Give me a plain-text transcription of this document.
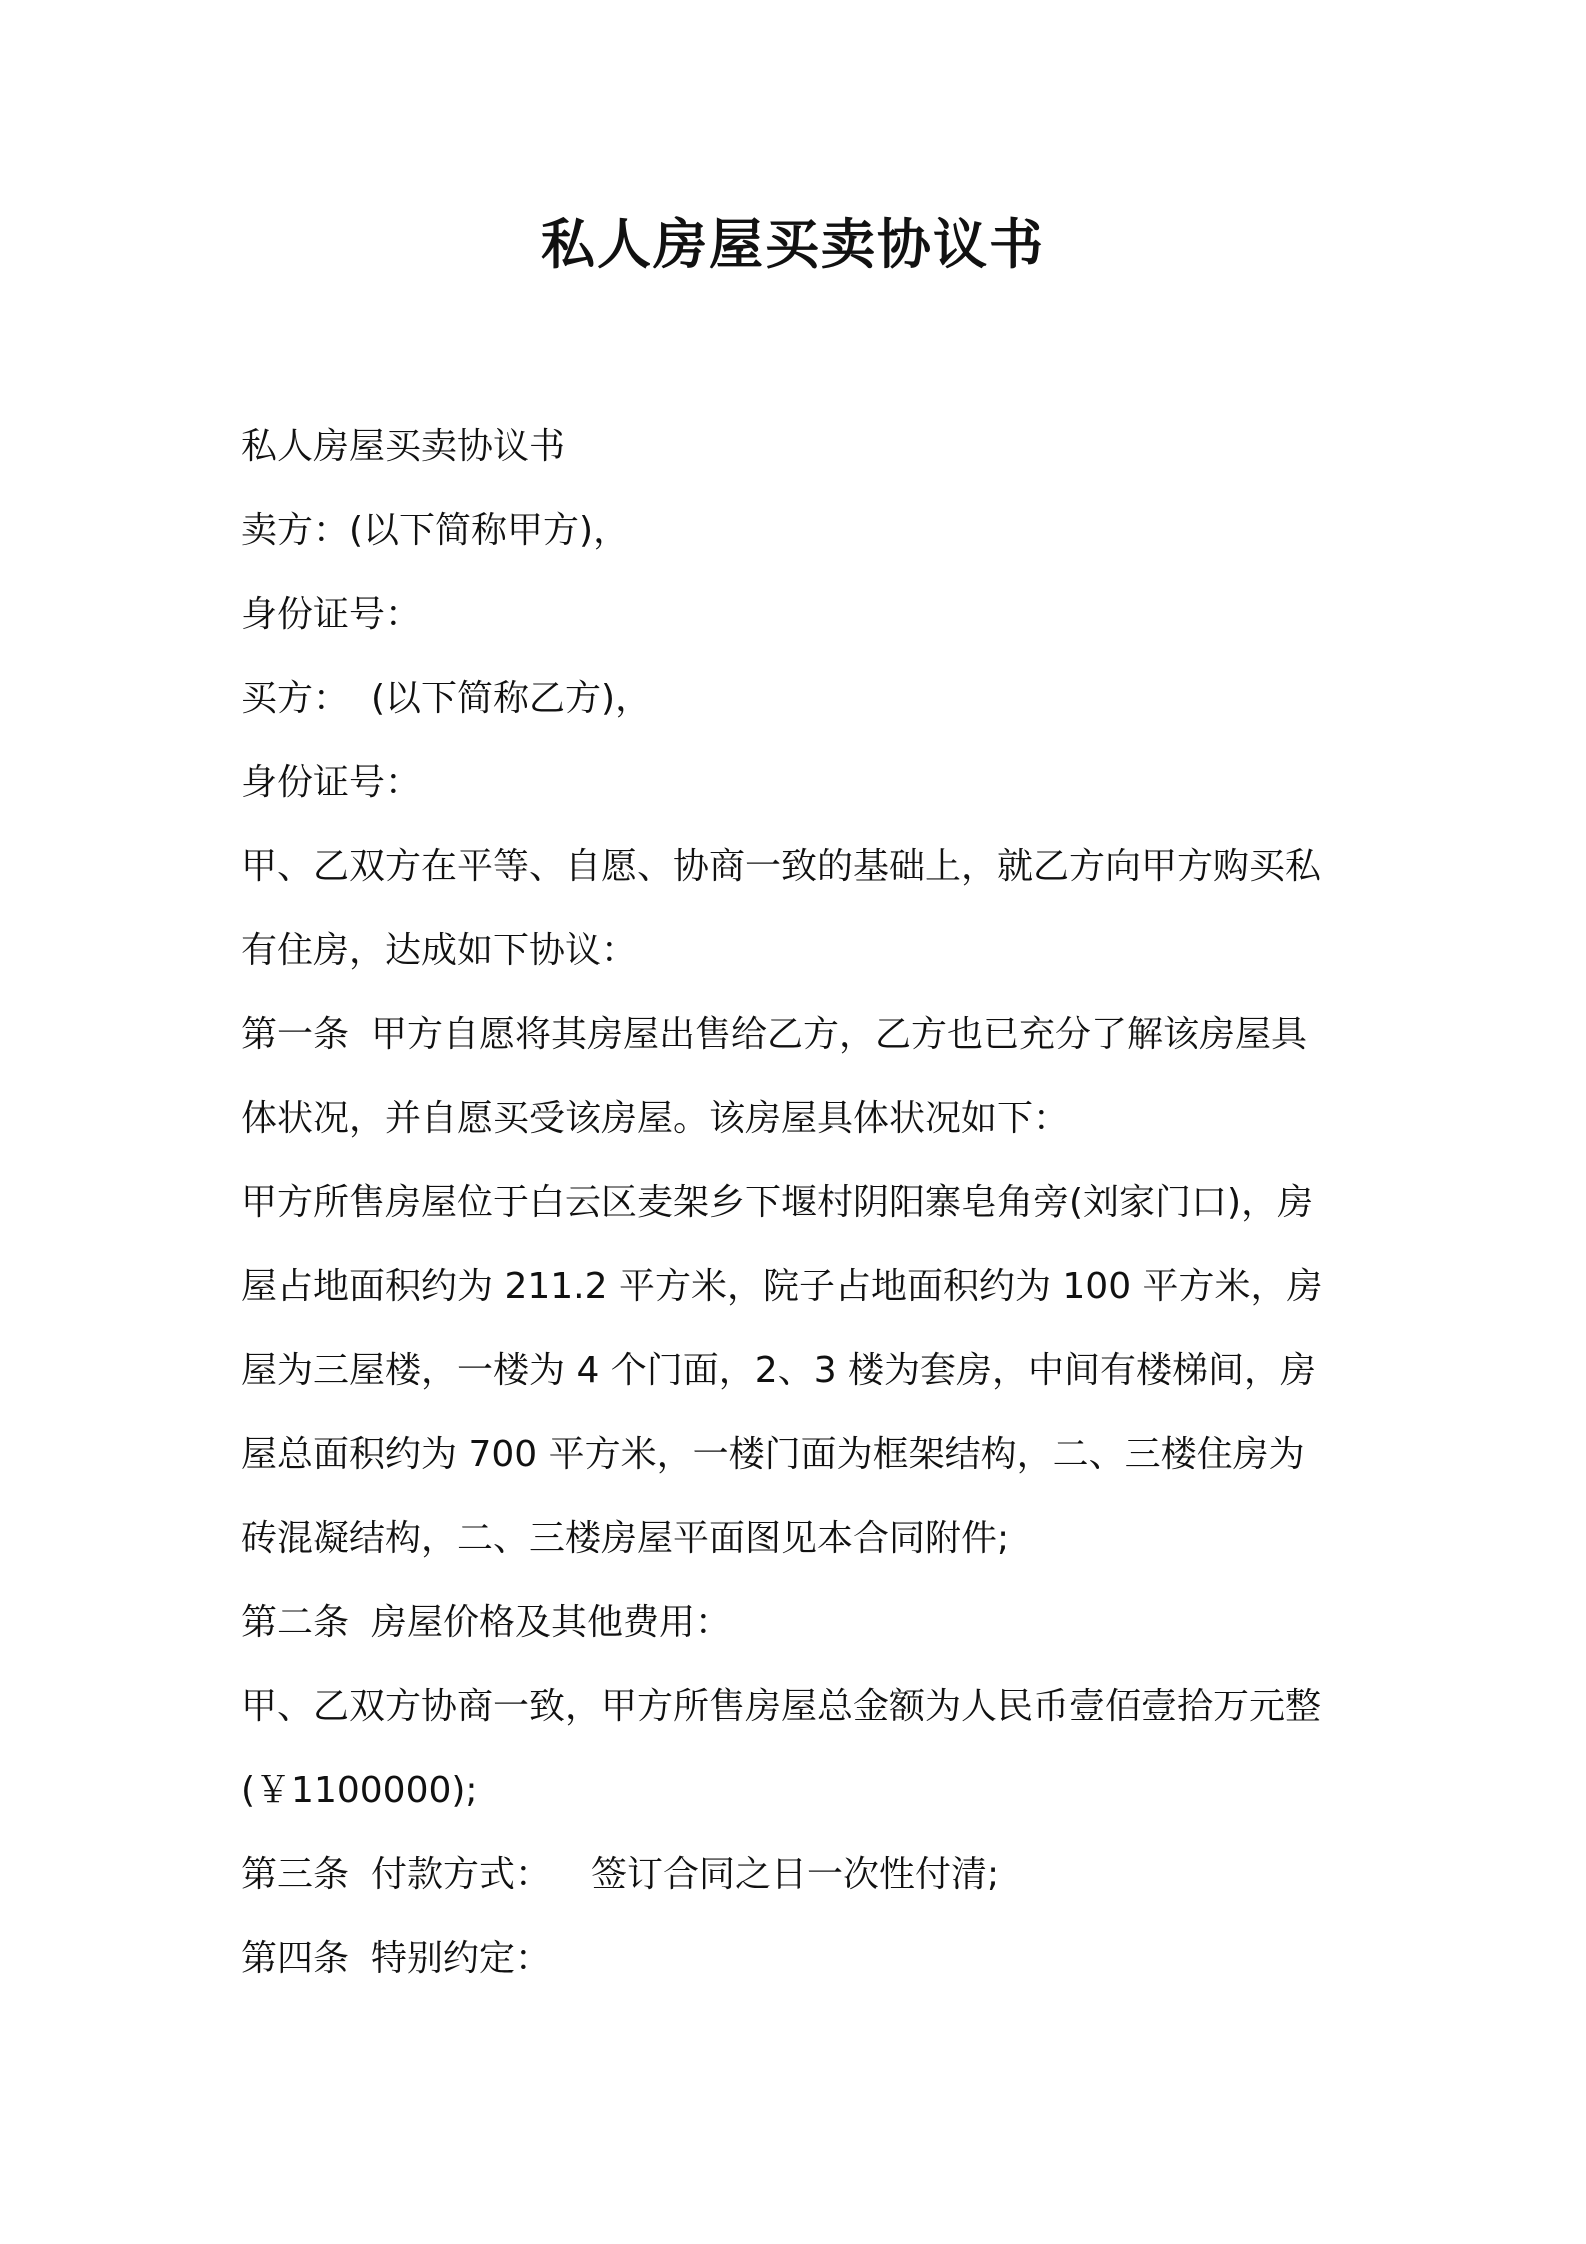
私人房屋买卖协议书

私人房屋买卖协议书

卖方：(以下简称甲方)，

身份证号：

买方： (以下简称乙方)，

身份证号：

甲、乙双方在平等、自愿、协商一致的基础上，就乙方向甲方购买私

有住房，达成如下协议：

第一条 甲方自愿将其房屋出售给乙方，乙方也已充分了解该房屋具

体状况，并自愿买受该房屋。该房屋具体状况如下：

甲方所售房屋位于白云区麦架乡下堰村阴阳寨皂角旁(刘家门口)，房

屋占地面积约为 211.2 平方米，院子占地面积约为 100 平方米，房

屋为三屋楼，一楼为 4 个门面，2、3 楼为套房，中间有楼梯间，房

屋总面积约为 700 平方米，一楼门面为框架结构，二、三楼住房为

砖混凝结构，二、三楼房屋平面图见本合同附件;

第二条 房屋价格及其他费用：

甲、乙双方协商一致，甲方所售房屋总金额为人民币壹佰壹拾万元整

(￥1100000);

第三条 付款方式： 签订合同之日一次性付清;

第四条 特别约定：
